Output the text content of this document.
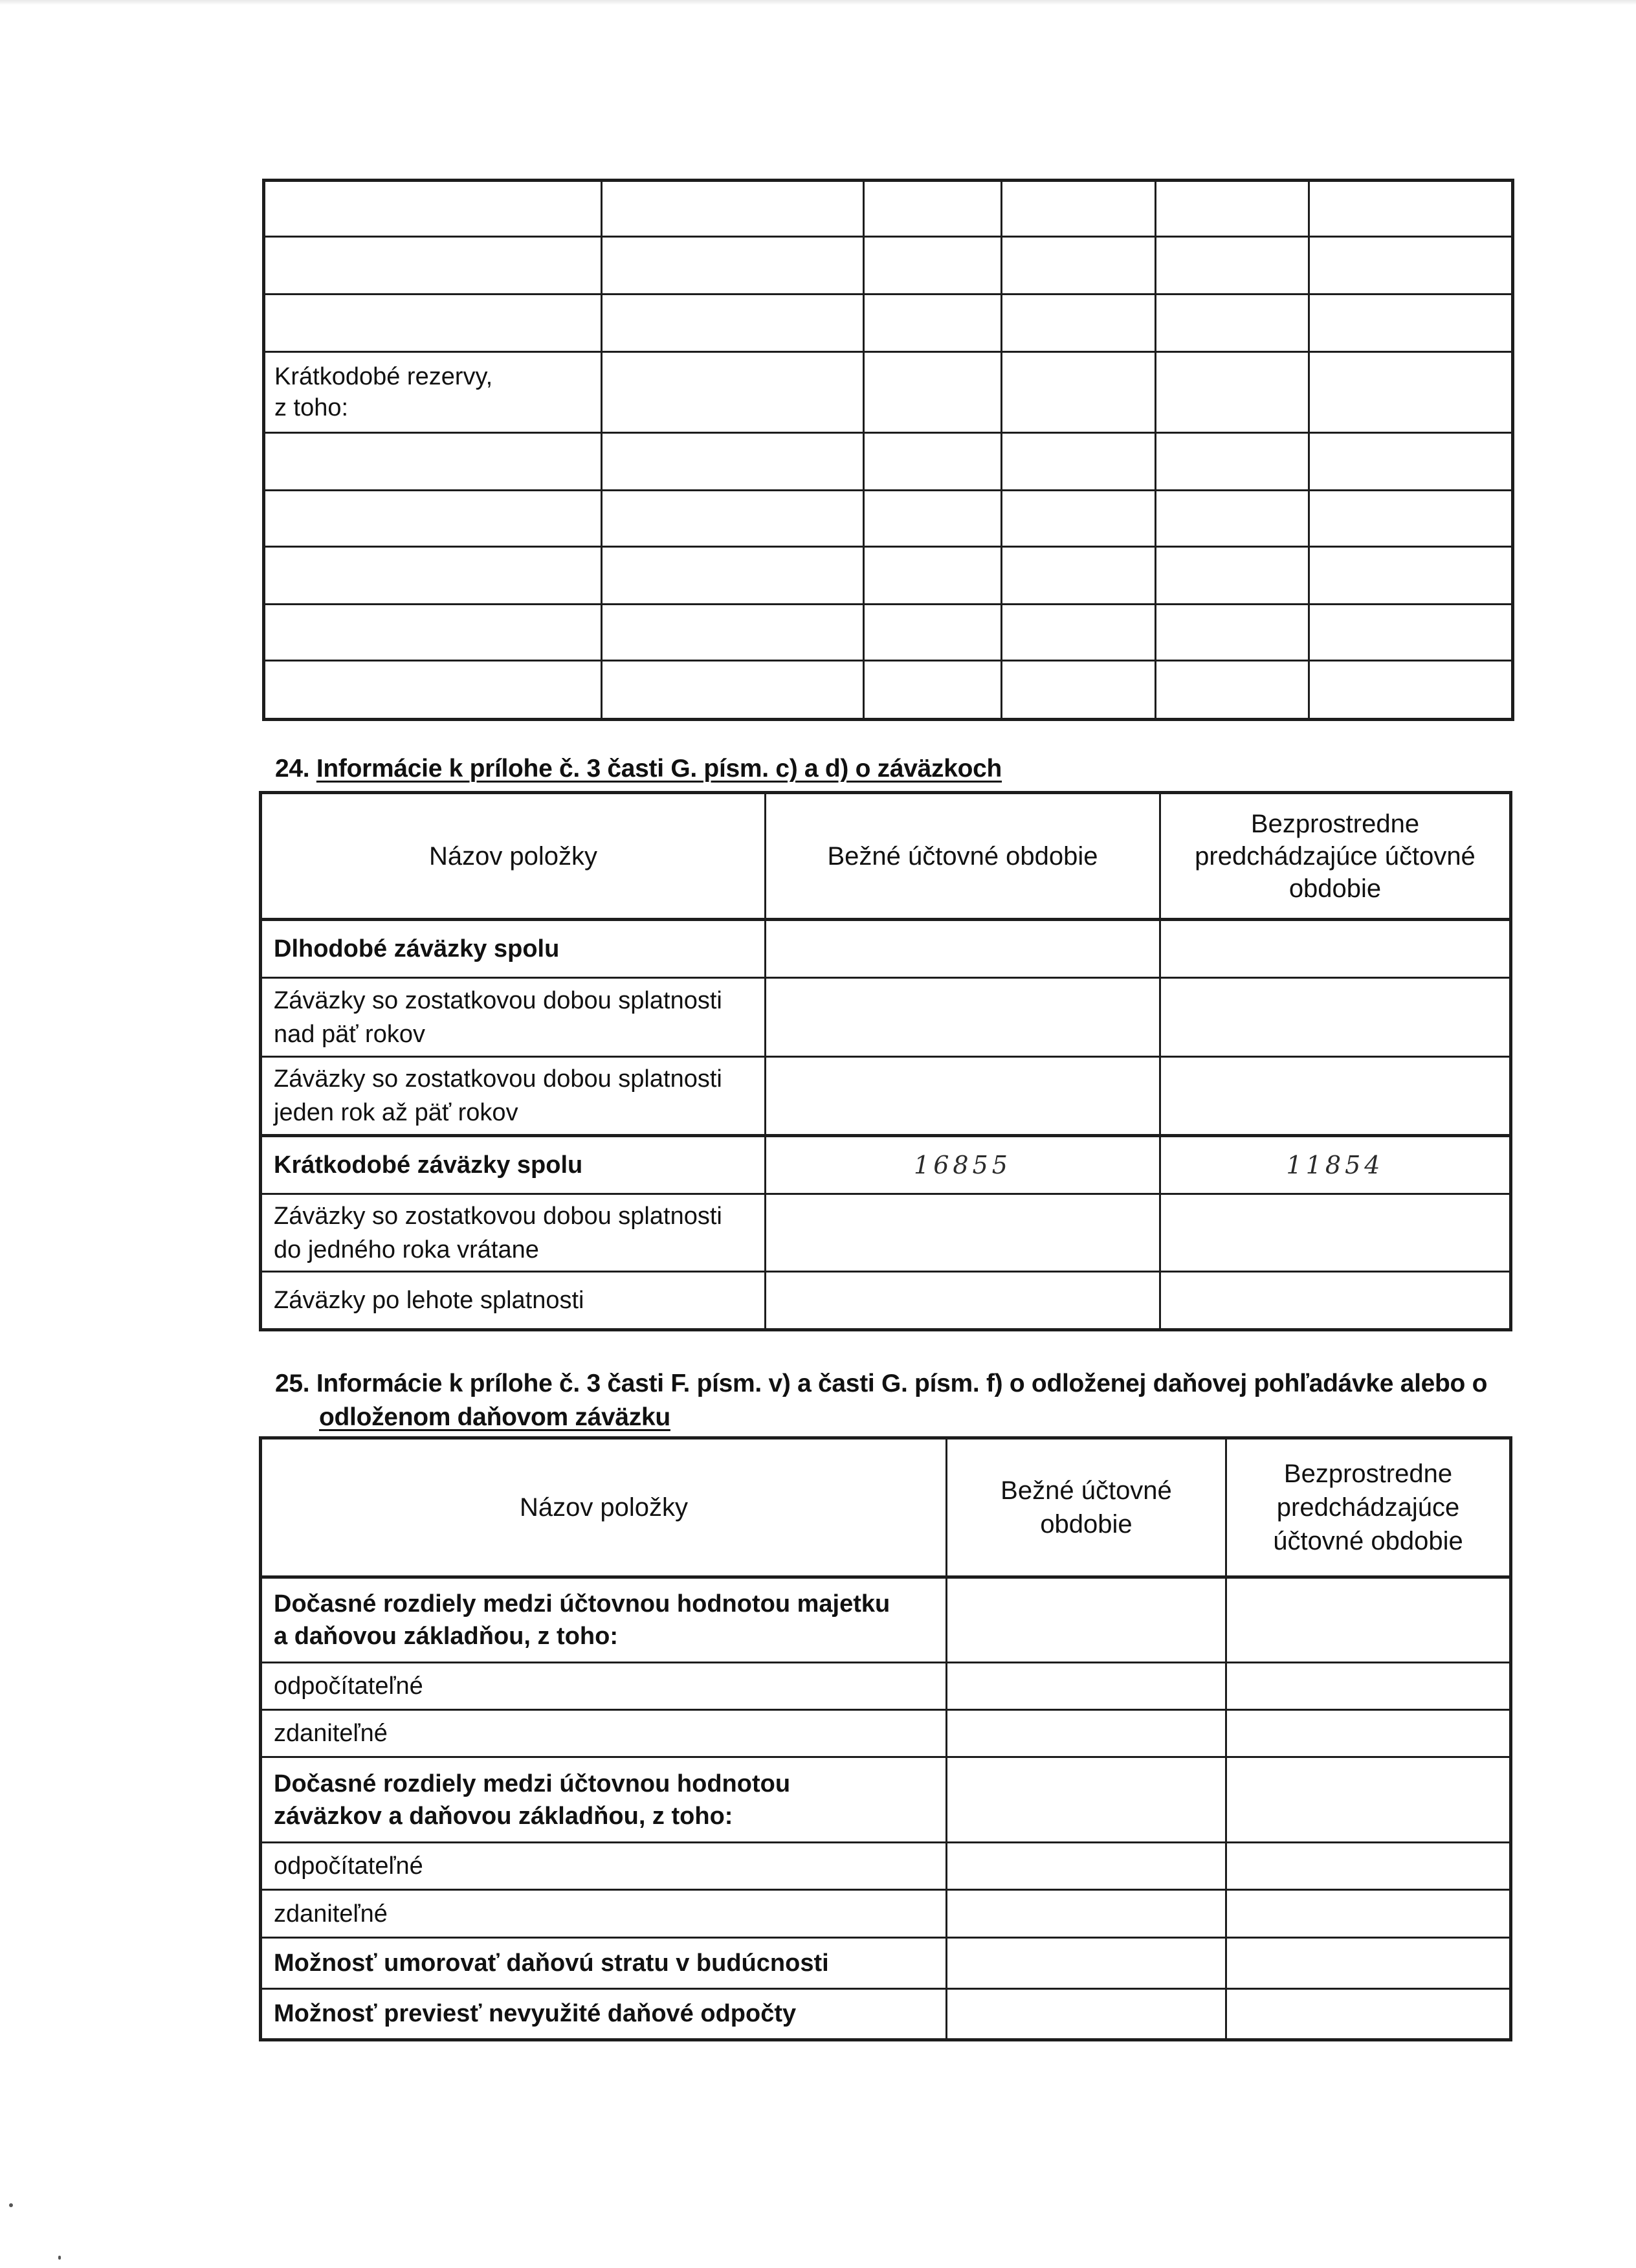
Krátkodobé rezervy,
z toho:					

24. Informácie k prílohe č. 3 časti G. písm. c) a d) o záväzkoch
Názov položky	Bežné účtovné obdobie	Bezprostredne predchádzajúce účtovné obdobie
Dlhodobé záväzky spolu		
Záväzky so zostatkovou dobou splatnosti nad päť rokov		
Záväzky so zostatkovou dobou splatnosti jeden rok až päť rokov		
Krátkodobé záväzky spolu	16855	11854
Záväzky so zostatkovou dobou splatnosti do jedného roka vrátane		
Záväzky po lehote splatnosti		
25. Informácie k prílohe č. 3 časti F. písm. v) a časti G. písm. f) o odloženej daňovej pohľadávke alebo o
odloženom daňovom záväzku
Názov položky	Bežné účtovné obdobie	Bezprostredne predchádzajúce účtovné obdobie
Dočasné rozdiely medzi účtovnou hodnotou majetku a daňovou základňou, z toho:		
odpočítateľné		
zdaniteľné		
Dočasné rozdiely medzi účtovnou hodnotou záväzkov a daňovou základňou, z toho:		
odpočítateľné		
zdaniteľné		
Možnosť umorovať daňovú stratu v budúcnosti		
Možnosť previesť nevyužité daňové odpočty		
